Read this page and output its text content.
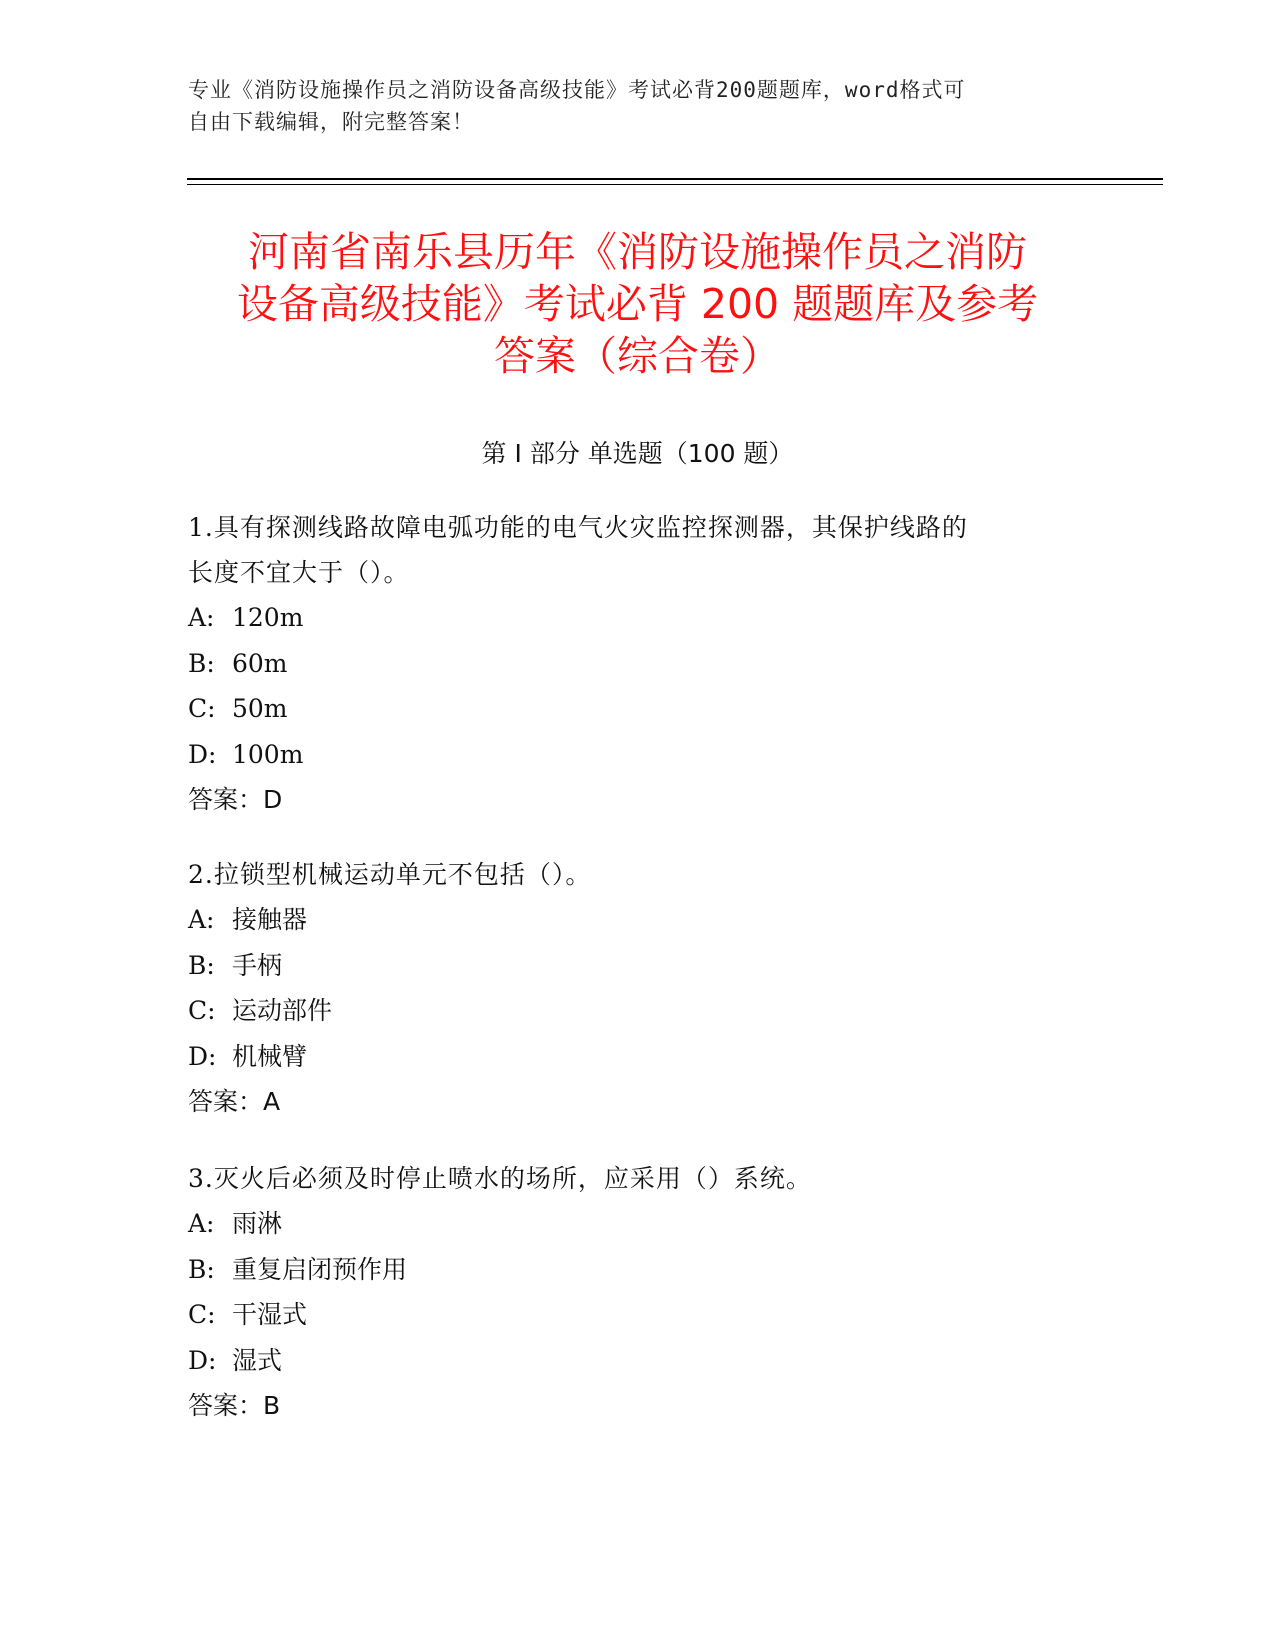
专业《消防设施操作员之消防设备高级技能》考试必背200题题库，word格式可
自由下载编辑，附完整答案！
河南省南乐县历年《消防设施操作员之消防
设备高级技能》考试必背 200 题题库及参考
答案（综合卷）
第 I 部分 单选题（100 题）

1.具有探测线路故障电弧功能的电气火灾监控探测器，其保护线路的
长度不宜大于（）。

A: 120m

B: 60m

C: 50m

D: 100m

答案：D

2.拉锁型机械运动单元不包括（）。

A: 接触器

B: 手柄

C: 运动部件

D: 机械臂

答案：A

3.灭火后必须及时停止喷水的场所，应采用（）系统。

A: 雨淋

B: 重复启闭预作用

C: 干湿式

D: 湿式

答案：B
